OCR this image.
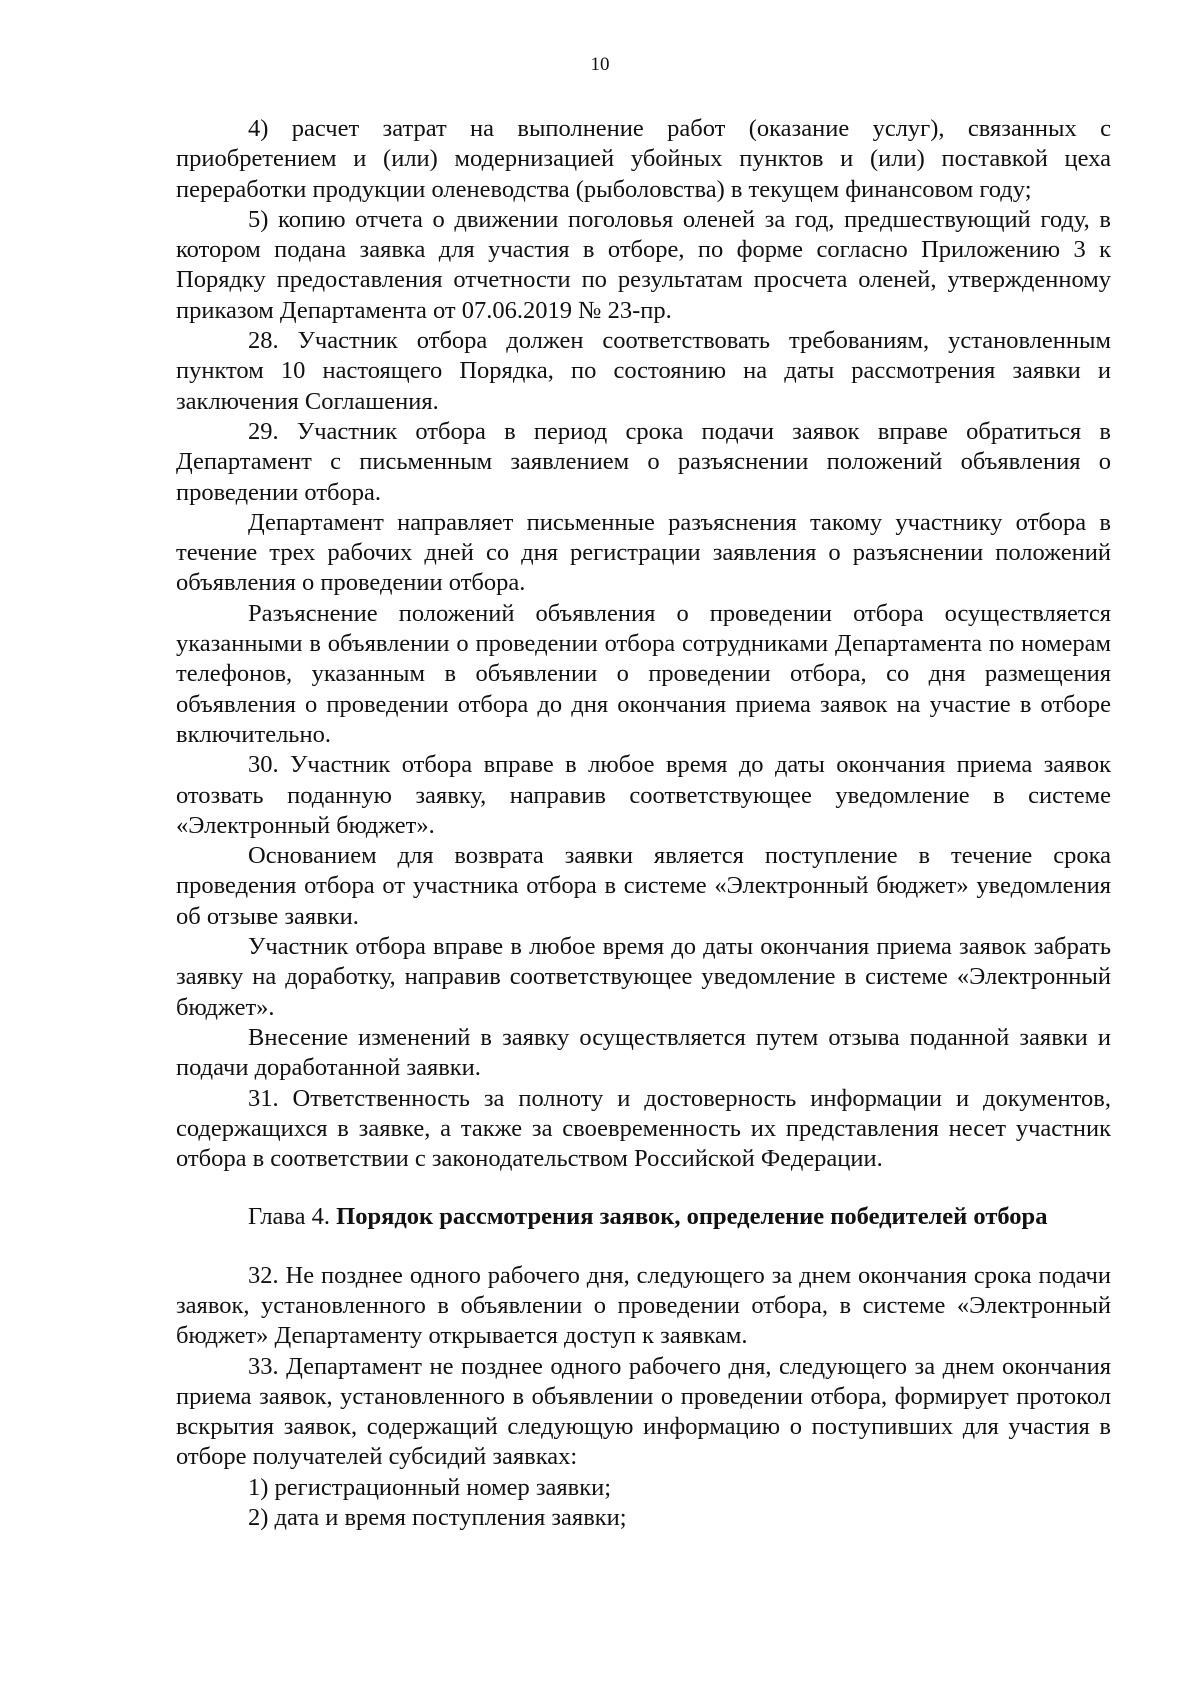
10

4) расчет затрат на выполнение работ (оказание услуг), связанных с приобретением и (или) модернизацией убойных пунктов и (или) поставкой цеха переработки продукции оленеводства (рыболовства) в текущем финансовом году;

5) копию отчета о движении поголовья оленей за год, предшествующий году, в котором подана заявка для участия в отборе, по форме согласно Приложению 3 к Порядку предоставления отчетности по результатам просчета оленей, утвержденному приказом Департамента от 07.06.2019 № 23-пр.

28. Участник отбора должен соответствовать требованиям, установленным пунктом 10 настоящего Порядка, по состоянию на даты рассмотрения заявки и заключения Соглашения.

29. Участник отбора в период срока подачи заявок вправе обратиться в Департамент с письменным заявлением о разъяснении положений объявления о проведении отбора.

Департамент направляет письменные разъяснения такому участнику отбора в течение трех рабочих дней со дня регистрации заявления о разъяснении положений объявления о проведении отбора.

Разъяснение положений объявления о проведении отбора осуществляется указанными в объявлении о проведении отбора сотрудниками Департамента по номерам телефонов, указанным в объявлении о проведении отбора, со дня размещения объявления о проведении отбора до дня окончания приема заявок на участие в отборе включительно.

30. Участник отбора вправе в любое время до даты окончания приема заявок отозвать поданную заявку, направив соответствующее уведомление в системе «Электронный бюджет».

Основанием для возврата заявки является поступление в течение срока проведения отбора от участника отбора в системе «Электронный бюджет» уведомления об отзыве заявки.

Участник отбора вправе в любое время до даты окончания приема заявок забрать заявку на доработку, направив соответствующее уведомление в системе «Электронный бюджет».

Внесение изменений в заявку осуществляется путем отзыва поданной заявки и подачи доработанной заявки.

31. Ответственность за полноту и достоверность информации и документов, содержащихся в заявке, а также за своевременность их представления несет участник отбора в соответствии с законодательством Российской Федерации.

Глава 4. Порядок рассмотрения заявок, определение победителей отбора

32. Не позднее одного рабочего дня, следующего за днем окончания срока подачи заявок, установленного в объявлении о проведении отбора, в системе «Электронный бюджет» Департаменту открывается доступ к заявкам.

33. Департамент не позднее одного рабочего дня, следующего за днем окончания приема заявок, установленного в объявлении о проведении отбора, формирует протокол вскрытия заявок, содержащий следующую информацию о поступивших для участия в отборе получателей субсидий заявках:

1) регистрационный номер заявки;

2) дата и время поступления заявки;
